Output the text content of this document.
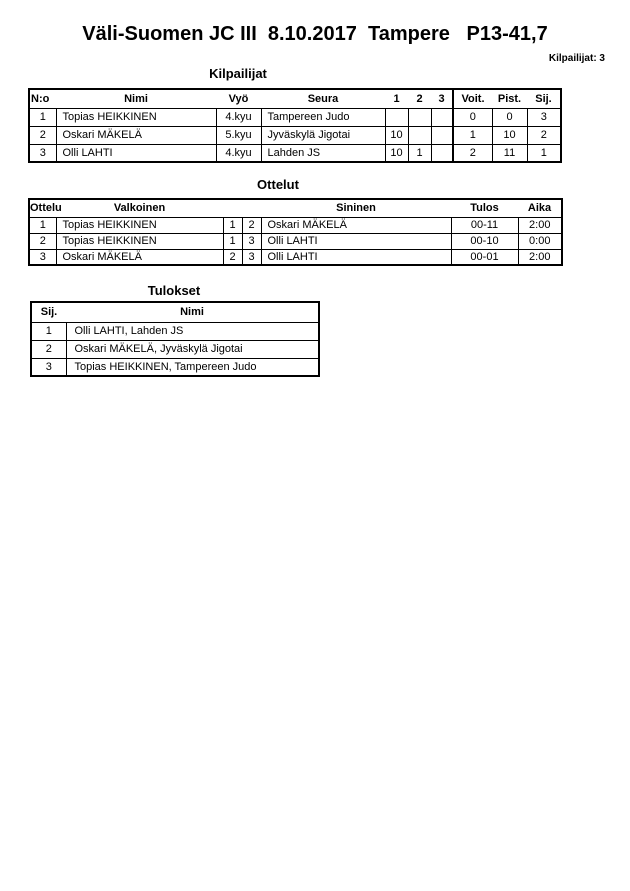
Väli-Suomen JC III  8.10.2017  Tampere   P13-41,7
Kilpailijat: 3
Kilpailijat
N:o	Nimi	Vyö	Seura	1	2	3	Voit.	Pist.	Sij.
1	Topias HEIKKINEN	4.kyu	Tampereen Judo				0	0	3
2	Oskari MÄKELÄ	5.kyu	Jyväskylä Jigotai	10			1	10	2
3	Olli LAHTI	4.kyu	Lahden JS	10	1		2	11	1
Ottelut
Ottelu	Valkoinen			Sininen	Tulos	Aika
1	Topias HEIKKINEN	1	2	Oskari MÄKELÄ	00-11	2:00
2	Topias HEIKKINEN	1	3	Olli LAHTI	00-10	0:00
3	Oskari MÄKELÄ	2	3	Olli LAHTI	00-01	2:00
Tulokset
Sij.	Nimi
1	Olli LAHTI, Lahden JS
2	Oskari MÄKELÄ, Jyväskylä Jigotai
3	Topias HEIKKINEN, Tampereen Judo
